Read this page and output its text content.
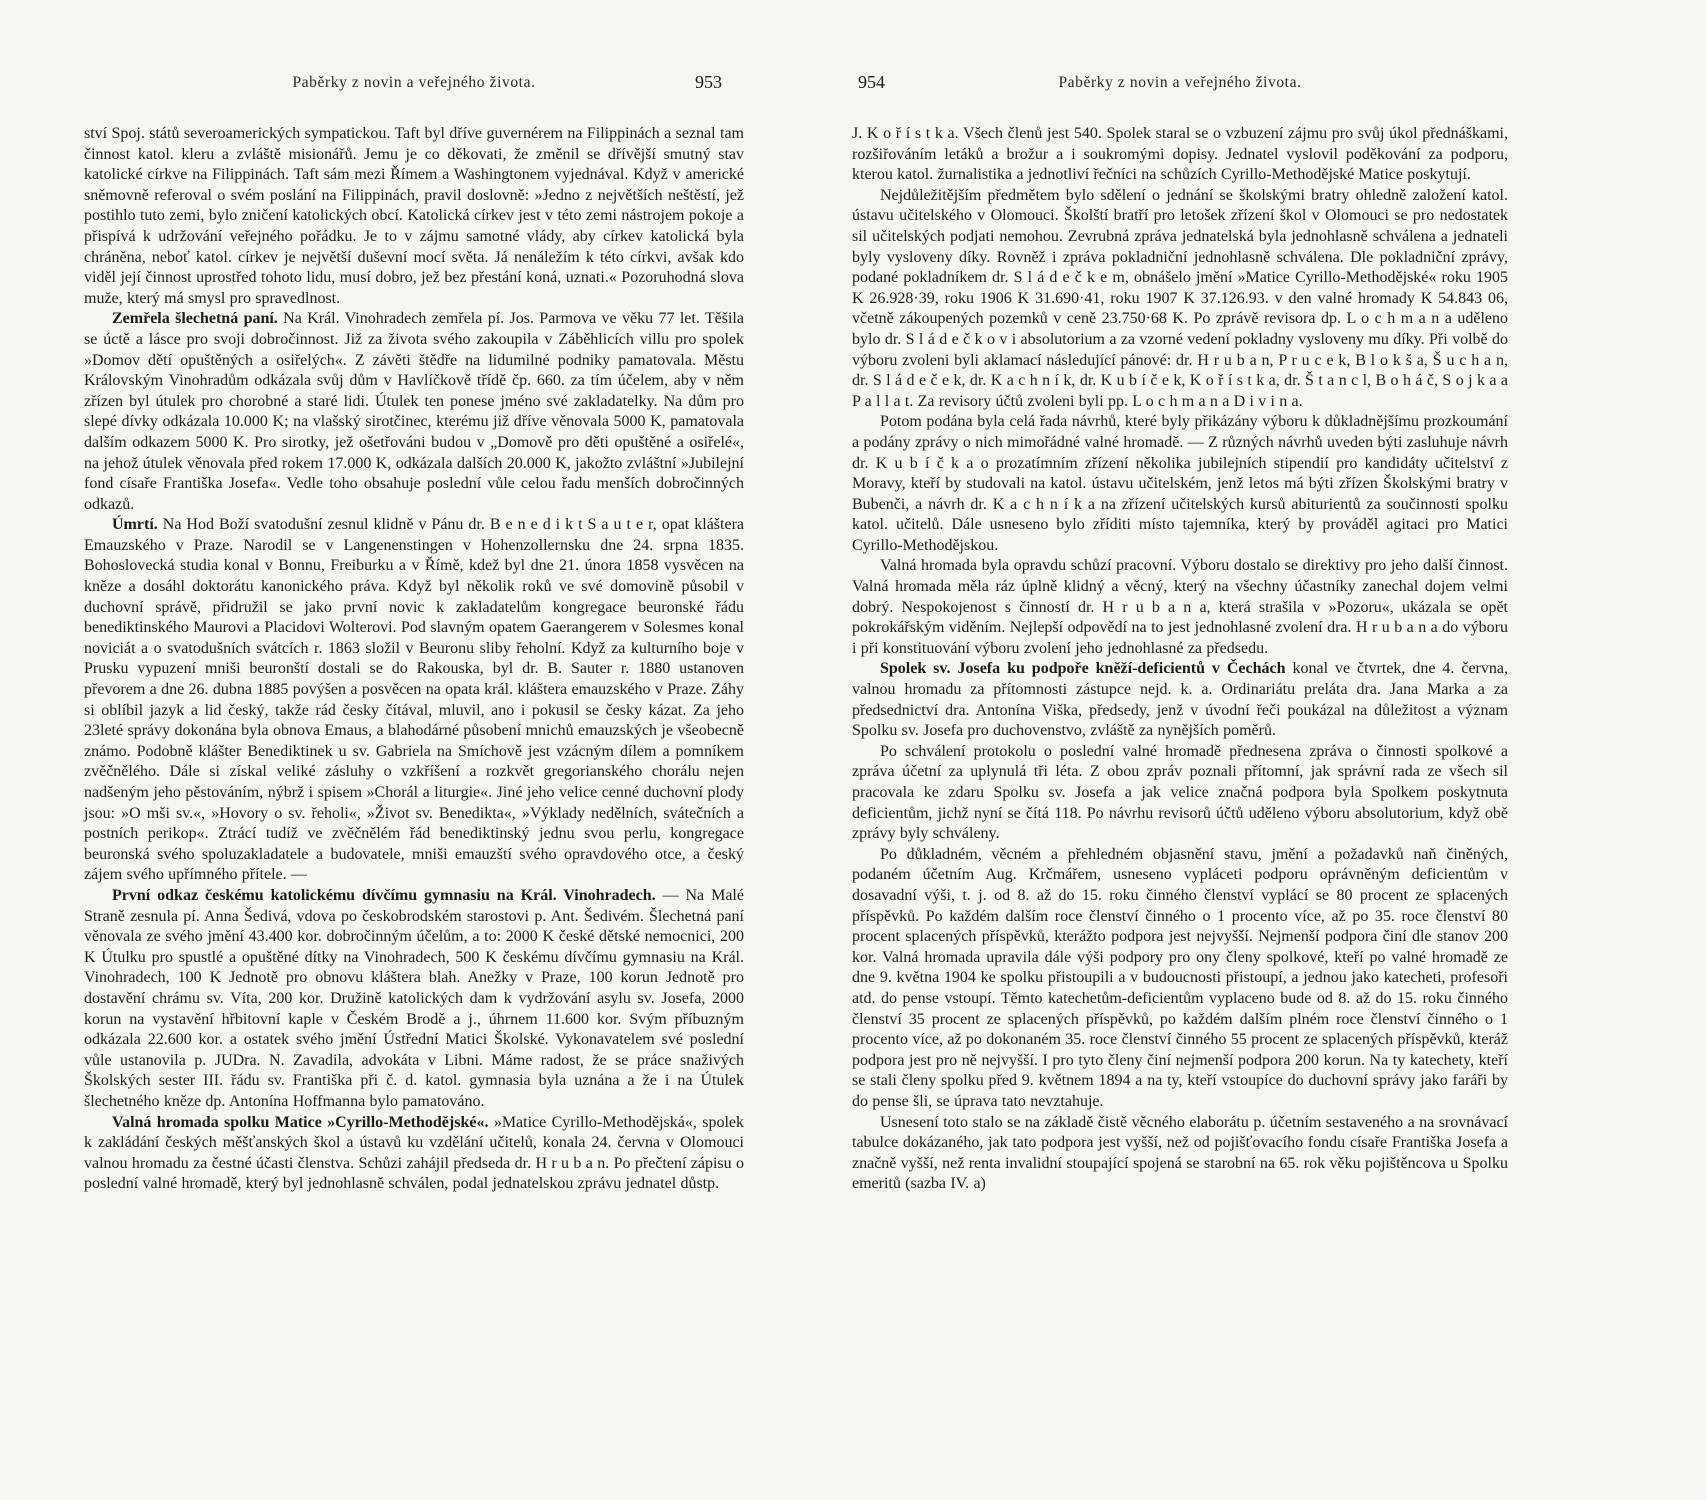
Paběrky z novin a veřejného života.	953

ství Spoj. států severoamerických sympatickou. Taft byl dříve guvernérem na Filippinách a seznal tam činnost katol. kleru a zvláště misionářů. Jemu je co děkovati, že změnil se dřívější smutný stav katolické církve na Filippinách. Taft sám mezi Římem a Washingtonem vyjednával. Když v americké sněmovně referoval o svém poslání na Filippinách, pravil doslovně: »Jedno z největších neštěstí, jež postihlo tuto zemi, bylo zničení katolických obcí. Katolická církev jest v této zemi nástrojem pokoje a přispívá k udržování veřejného pořádku. Je to v zájmu samotné vlády, aby církev katolická byla chráněna, neboť katol. církev je největší duševní mocí světa. Já nenáležím k této církvi, avšak kdo viděl její činnost uprostřed tohoto lidu, musí dobro, jež bez přestání koná, uznati.« Pozoruhodná slova muže, který má smysl pro spravedlnost.

Zemřela šlechetná paní. Na Král. Vinohradech zemřela pí. Jos. Parmova ve věku 77 let. Těšila se úctě a lásce pro svoji dobročinnost. Již za života svého zakoupila v Záběhlicích villu pro spolek »Domov dětí opuštěných a osiřelých«. Z závěti štědře na lidumilné podniky pamatovala. Městu Královským Vinohradům odkázala svůj dům v Havlíčkově třídě čp. 660. za tím účelem, aby v něm zřízen byl útulek pro chorobné a staré lidi. Útulek ten ponese jméno své zakladatelky. Na dům pro slepé dívky odkázala 10.000 K; na vlašský sirotčinec, kterému již dříve věnovala 5000 K, pamatovala dalším odkazem 5000 K. Pro sirotky, jež ošetřováni budou v „Domově pro děti opuštěné a osiřelé«, na jehož útulek věnovala před rokem 17.000 K, odkázala dalších 20.000 K, jakožto zvláštní »Jubilejní fond císaře Františka Josefa«. Vedle toho obsahuje poslední vůle celou řadu menších dobročinných odkazů.

Úmrtí. Na Hod Boží svatodušní zesnul klidně v Pánu dr. B e n e d i k t S a u t e r, opat kláštera Emauzského v Praze. Narodil se v Langenenstingen v Hohenzollernsku dne 24. srpna 1835. Bohoslovecká studia konal v Bonnu, Freiburku a v Římě, kdež byl dne 21. února 1858 vysvěcen na kněze a dosáhl doktorátu kanonického práva. Když byl několik roků ve své domovině působil v duchovní správě, přidružil se jako první novic k zakladatelům kongregace beuronské řádu benediktinského Maurovi a Placidovi Wolterovi. Pod slavným opatem Gaerangerem v Solesmes konal noviciát a o svatodušních svátcích r. 1863 složil v Beuronu sliby řeholní. Když za kulturního boje v Prusku vypuzení mniši beuronští dostali se do Rakouska, byl dr. B. Sauter r. 1880 ustanoven převorem a dne 26. dubna 1885 povýšen a posvěcen na opata král. kláštera emauzského v Praze. Záhy si oblíbil jazyk a lid český, takže rád česky čítával, mluvil, ano i pokusil se česky kázat. Za jeho 23leté správy dokonána byla obnova Emaus, a blahodárné působení mnichů emauzských je všeobecně známo. Podobně klášter Benediktinek u sv. Gabriela na Smíchově jest vzácným dílem a pomníkem zvěčnělého. Dále si získal veliké zásluhy o vzkříšení a rozkvět gregorianského chorálu nejen nadšeným jeho pěstováním, nýbrž i spisem »Chorál a liturgie«. Jiné jeho velice cenné duchovní plody jsou: »O mši sv.«, »Hovory o sv. řeholi«, »Život sv. Benedikta«, »Výklady nedělních, svátečních a postních perikop«. Ztrácí tudíž ve zvěčnělém řád benediktinský jednu svou perlu, kongregace beuronská svého spoluzakladatele a budovatele, mniši emauzští svého opravdového otce, a český zájem svého upřímného přítele. —

První odkaz českému katolickému dívčímu gymnasiu na Král. Vinohradech. — Na Malé Straně zesnula pí. Anna Šedivá, vdova po českobrodském starostovi p. Ant. Šedivém. Šlechetná paní věnovala ze svého jmění 43.400 kor. dobročinným účelům, a to: 2000 K české dětské nemocnici, 200 K Útulku pro spustlé a opuštěné dítky na Vinohradech, 500 K českému dívčímu gymnasiu na Král. Vinohradech, 100 K Jednotě pro obnovu kláštera blah. Anežky v Praze, 100 korun Jednotě pro dostavění chrámu sv. Víta, 200 kor. Družině katolických dam k vydržování asylu sv. Josefa, 2000 korun na vystavění hřbitovní kaple v Českém Brodě a j., úhrnem 11.600 kor. Svým příbuzným odkázala 22.600 kor. a ostatek svého jmění Ústřední Matici Školské. Vykonavatelem své poslední vůle ustanovila p. JUDra. N. Zavadila, advokáta v Libni. Máme radost, že se práce snaživých Školských sester III. řádu sv. Františka při č. d. katol. gymnasia byla uznána a že i na Útulek šlechetného kněze dp. Antonína Hoffmanna bylo pamatováno.

Valná hromada spolku Matice »Cyrillo-Methodějské«. »Matice Cyrillo-Methodějská«, spolek k zakládání českých měšťanských škol a ústavů ku vzdělání učitelů, konala 24. června v Olomouci valnou hromadu za čestné účasti členstva. Schůzi zahájil předseda dr. H r u b a n. Po přečtení zápisu o poslední valné hromadě, který byl jednohlasně schválen, podal jednatelskou zprávu jednatel důstp.

Paběrky z novin a veřejného života.
954

J. K o ř í s t k a. Všech členů jest 540. Spolek staral se o vzbuzení zájmu pro svůj úkol přednáškami, rozšiřováním letáků a brožur a i soukromými dopisy. Jednatel vyslovil poděkování za podporu, kterou katol. žurnalistika a jednotliví řečníci na schůzích Cyrillo-Methodějské Matice poskytují.

Nejdůležitějším předmětem bylo sdělení o jednání se školskými bratry ohledně založení katol. ústavu učitelského v Olomouci. Školští bratří pro letošek zřízení škol v Olomouci se pro nedostatek sil učitelských podjati nemohou. Zevrubná zpráva jednatelská byla jednohlasně schválena a jednateli byly vysloveny díky. Rovněž i zpráva pokladniční jednohlasně schválena. Dle pokladniční zprávy, podané pokladníkem dr. S l á d e č k e m, obnášelo jmění »Matice Cyrillo-Methodějské« roku 1905 K 26.928·39, roku 1906 K 31.690·41, roku 1907 K 37.126.93. v den valné hromady K 54.843 06, včetně zákoupených pozemků v ceně 23.750·68 K. Po zprávě revisora dp. L o c h m a n a uděleno bylo dr. S l á d e č k o v i absolutorium a za vzorné vedení pokladny vysloveny mu díky. Při volbě do výboru zvoleni byli aklamací následující pánové: dr. H r u b a n, P r u c e k, B l o k š a, Š u c h a n, dr. S l á d e č e k, dr. K a c h n í k, dr. K u b í č e k, K o ř í s t k a, dr. Š t a n c l, B o h á č, S o j k a a P a l l a t. Za revisory účtů zvoleni byli pp. L o c h m a n a D i v i n a.

Potom podána byla celá řada návrhů, které byly přikázány výboru k důkladnějšímu prozkoumání a podány zprávy o nich mimořádné valné hromadě. — Z různých návrhů uveden býti zasluhuje návrh dr. K u b í č k a o prozatímním zřízení několika jubilejních stipendií pro kandidáty učitelství z Moravy, kteří by studovali na katol. ústavu učitelském, jenž letos má býti zřízen Školskými bratry v Bubenči, a návrh dr. K a c h n í k a na zřízení učitelských kursů abiturientů za součinnosti spolku katol. učitelů. Dále usneseno bylo zříditi místo tajemníka, který by prováděl agitaci pro Matici Cyrillo-Methodějskou.

Valná hromada byla opravdu schůzí pracovní. Výboru dostalo se direktivy pro jeho další činnost. Valná hromada měla ráz úplně klidný a věcný, který na všechny účastníky zanechal dojem velmi dobrý. Nespokojenost s činností dr. H r u b a n a, která strašila v »Pozoru«, ukázala se opět pokrokářským viděním. Nejlepší odpovědí na to jest jednohlasné zvolení dra. H r u b a n a do výboru i při konstituování výboru zvolení jeho jednohlasné za předsedu.

Spolek sv. Josefa ku podpoře kněží-deficientů v Čechách konal ve čtvrtek, dne 4. června, valnou hromadu za přítomnosti zástupce nejd. k. a. Ordinariátu preláta dra. Jana Marka a za předsednictví dra. Antonína Viška, předsedy, jenž v úvodní řeči poukázal na důležitost a význam Spolku sv. Josefa pro duchovenstvo, zvláště za nynějších poměrů.

Po schválení protokolu o poslední valné hromadě přednesena zpráva o činnosti spolkové a zpráva účetní za uplynulá tři léta. Z obou zpráv poznali přítomní, jak správní rada ze všech sil pracovala ke zdaru Spolku sv. Josefa a jak velice značná podpora byla Spolkem poskytnuta deficientům, jichž nyní se čítá 118. Po návrhu revisorů účtů uděleno výboru absolutorium, když obě zprávy byly schváleny.

Po důkladném, věcném a přehledném objasnění stavu, jmění a požadavků naň činěných, podaném účetním Aug. Krčmářem, usneseno vypláceti podporu oprávněným deficientům v dosavadní výši, t. j. od 8. až do 15. roku činného členství vyplácí se 80 procent ze splacených příspěvků. Po každém dalším roce členství činného o 1 procento více, až po 35. roce členství 80 procent splacených příspěvků, kterážto podpora jest nejvyšší. Nejmenší podpora činí dle stanov 200 kor. Valná hromada upravila dále výši podpory pro ony členy spolkové, kteří po valné hromadě ze dne 9. května 1904 ke spolku přistoupili a v budoucnosti přistoupí, a jednou jako katecheti, profesoři atd. do pense vstoupí. Těmto katechetům-deficientům vyplaceno bude od 8. až do 15. roku činného členství 35 procent ze splacených příspěvků, po každém dalším plném roce členství činného o 1 procento více, až po dokonaném 35. roce členství činného 55 procent ze splacených příspěvků, kteráž podpora jest pro ně nejvyšší. I pro tyto členy činí nejmenší podpora 200 korun. Na ty katechety, kteří se stali členy spolku před 9. květnem 1894 a na ty, kteří vstoupíce do duchovní správy jako faráři by do pense šli, se úprava tato nevztahuje.

Usnesení toto stalo se na základě čistě věcného elaborátu p. účetním sestaveného a na srovnávací tabulce dokázaného, jak tato podpora jest vyšší, než od pojišťovacího fondu císaře Františka Josefa a značně vyšší, než renta invalidní stoupající spojená se starobní na 65. rok věku pojištěncova u Spolku emeritů (sazba IV. a)
